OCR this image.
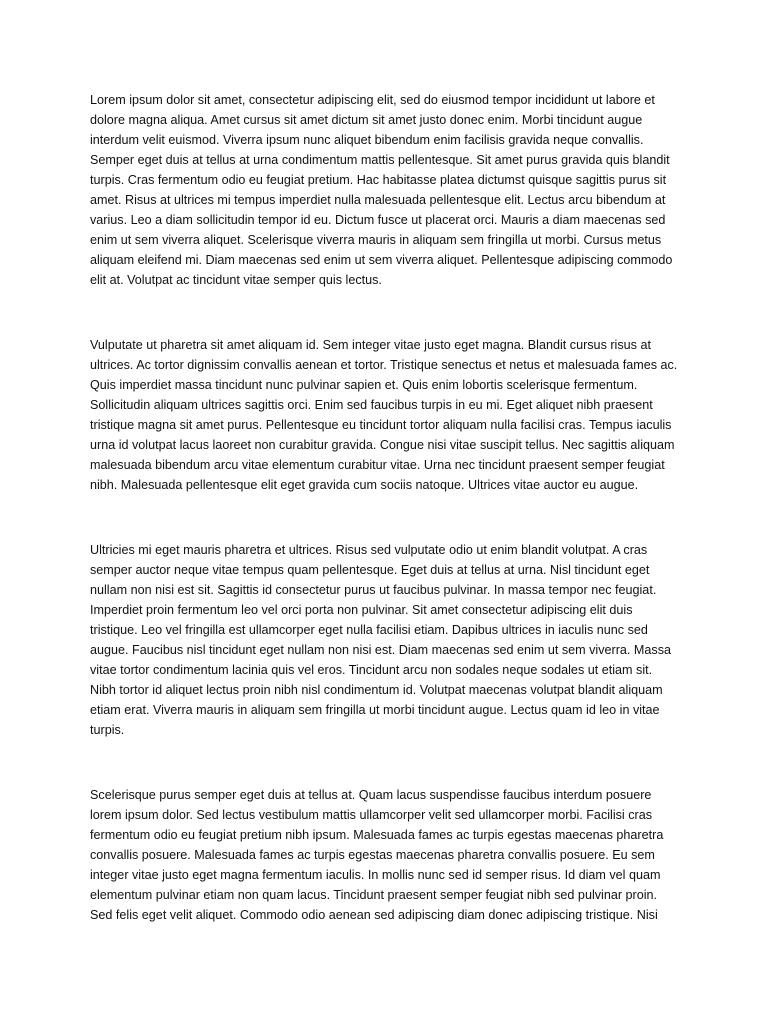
Lorem ipsum dolor sit amet, consectetur adipiscing elit, sed do eiusmod tempor incididunt ut labore et dolore magna aliqua. Amet cursus sit amet dictum sit amet justo donec enim. Morbi tincidunt augue interdum velit euismod. Viverra ipsum nunc aliquet bibendum enim facilisis gravida neque convallis. Semper eget duis at tellus at urna condimentum mattis pellentesque. Sit amet purus gravida quis blandit turpis. Cras fermentum odio eu feugiat pretium. Hac habitasse platea dictumst quisque sagittis purus sit amet. Risus at ultrices mi tempus imperdiet nulla malesuada pellentesque elit. Lectus arcu bibendum at varius. Leo a diam sollicitudin tempor id eu. Dictum fusce ut placerat orci. Mauris a diam maecenas sed enim ut sem viverra aliquet. Scelerisque viverra mauris in aliquam sem fringilla ut morbi. Cursus metus aliquam eleifend mi. Diam maecenas sed enim ut sem viverra aliquet. Pellentesque adipiscing commodo elit at. Volutpat ac tincidunt vitae semper quis lectus.

Vulputate ut pharetra sit amet aliquam id. Sem integer vitae justo eget magna. Blandit cursus risus at ultrices. Ac tortor dignissim convallis aenean et tortor. Tristique senectus et netus et malesuada fames ac. Quis imperdiet massa tincidunt nunc pulvinar sapien et. Quis enim lobortis scelerisque fermentum. Sollicitudin aliquam ultrices sagittis orci. Enim sed faucibus turpis in eu mi. Eget aliquet nibh praesent tristique magna sit amet purus. Pellentesque eu tincidunt tortor aliquam nulla facilisi cras. Tempus iaculis urna id volutpat lacus laoreet non curabitur gravida. Congue nisi vitae suscipit tellus. Nec sagittis aliquam malesuada bibendum arcu vitae elementum curabitur vitae. Urna nec tincidunt praesent semper feugiat nibh. Malesuada pellentesque elit eget gravida cum sociis natoque. Ultrices vitae auctor eu augue.

Ultricies mi eget mauris pharetra et ultrices. Risus sed vulputate odio ut enim blandit volutpat. A cras semper auctor neque vitae tempus quam pellentesque. Eget duis at tellus at urna. Nisl tincidunt eget nullam non nisi est sit. Sagittis id consectetur purus ut faucibus pulvinar. In massa tempor nec feugiat. Imperdiet proin fermentum leo vel orci porta non pulvinar. Sit amet consectetur adipiscing elit duis tristique. Leo vel fringilla est ullamcorper eget nulla facilisi etiam. Dapibus ultrices in iaculis nunc sed augue. Faucibus nisl tincidunt eget nullam non nisi est. Diam maecenas sed enim ut sem viverra. Massa vitae tortor condimentum lacinia quis vel eros. Tincidunt arcu non sodales neque sodales ut etiam sit. Nibh tortor id aliquet lectus proin nibh nisl condimentum id. Volutpat maecenas volutpat blandit aliquam etiam erat. Viverra mauris in aliquam sem fringilla ut morbi tincidunt augue. Lectus quam id leo in vitae turpis.

Scelerisque purus semper eget duis at tellus at. Quam lacus suspendisse faucibus interdum posuere lorem ipsum dolor. Sed lectus vestibulum mattis ullamcorper velit sed ullamcorper morbi. Facilisi cras fermentum odio eu feugiat pretium nibh ipsum. Malesuada fames ac turpis egestas maecenas pharetra convallis posuere. Malesuada fames ac turpis egestas maecenas pharetra convallis posuere. Eu sem integer vitae justo eget magna fermentum iaculis. In mollis nunc sed id semper risus. Id diam vel quam elementum pulvinar etiam non quam lacus. Tincidunt praesent semper feugiat nibh sed pulvinar proin. Sed felis eget velit aliquet. Commodo odio aenean sed adipiscing diam donec adipiscing tristique. Nisi
